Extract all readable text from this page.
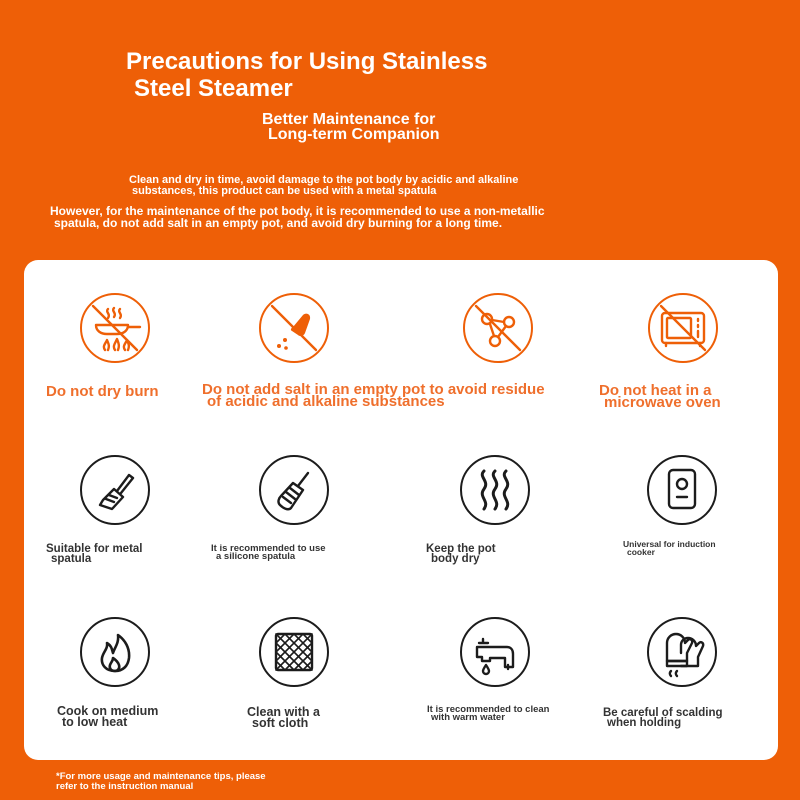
Precautions for Using Stainless
Steel Steamer
Better Maintenance for
Long-term Companion
Clean and dry in time, avoid damage to the pot body by acidic and alkaline
substances, this product can be used with a metal spatula
However, for the maintenance of the pot body, it is recommended to use a non-metallic
spatula, do not add salt in an empty pot, and avoid dry burning for a long time.
Do not dry burn	Do not add salt in an empty pot to avoid residue
of acidic and alkaline substances
Do not heat in a
microwave oven
Suitable for metal
spatula
It is recommended to use
a silicone spatula
Keep the pot
body dry
Universal for induction
cooker
Cook on medium
to low heat
Clean with a
soft cloth
It is recommended to clean
with warm water	Be careful of scalding
when holding
*For more usage and maintenance tips, please
refer to the instruction manual
